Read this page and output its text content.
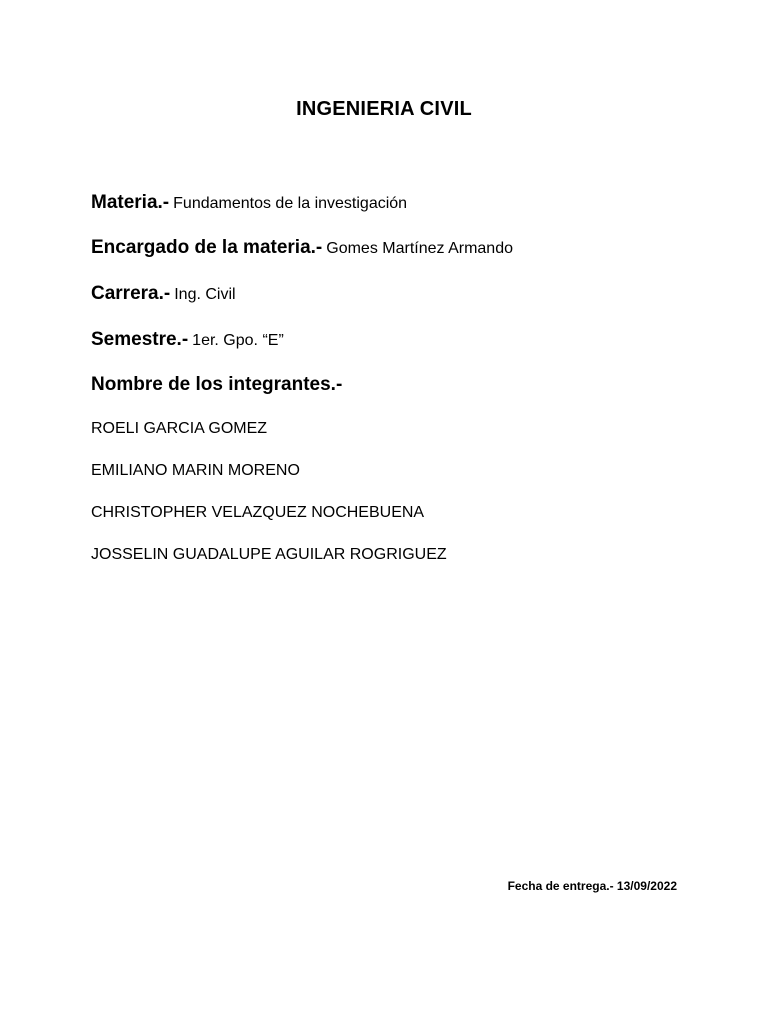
INGENIERIA CIVIL
Materia.- Fundamentos de la investigación
Encargado de la materia.- Gomes Martínez Armando
Carrera.- Ing. Civil
Semestre.- 1er. Gpo. “E”
Nombre de los integrantes.-
ROELI GARCIA GOMEZ
EMILIANO MARIN MORENO
CHRISTOPHER VELAZQUEZ NOCHEBUENA
JOSSELIN GUADALUPE AGUILAR ROGRIGUEZ
Fecha de entrega.- 13/09/2022
